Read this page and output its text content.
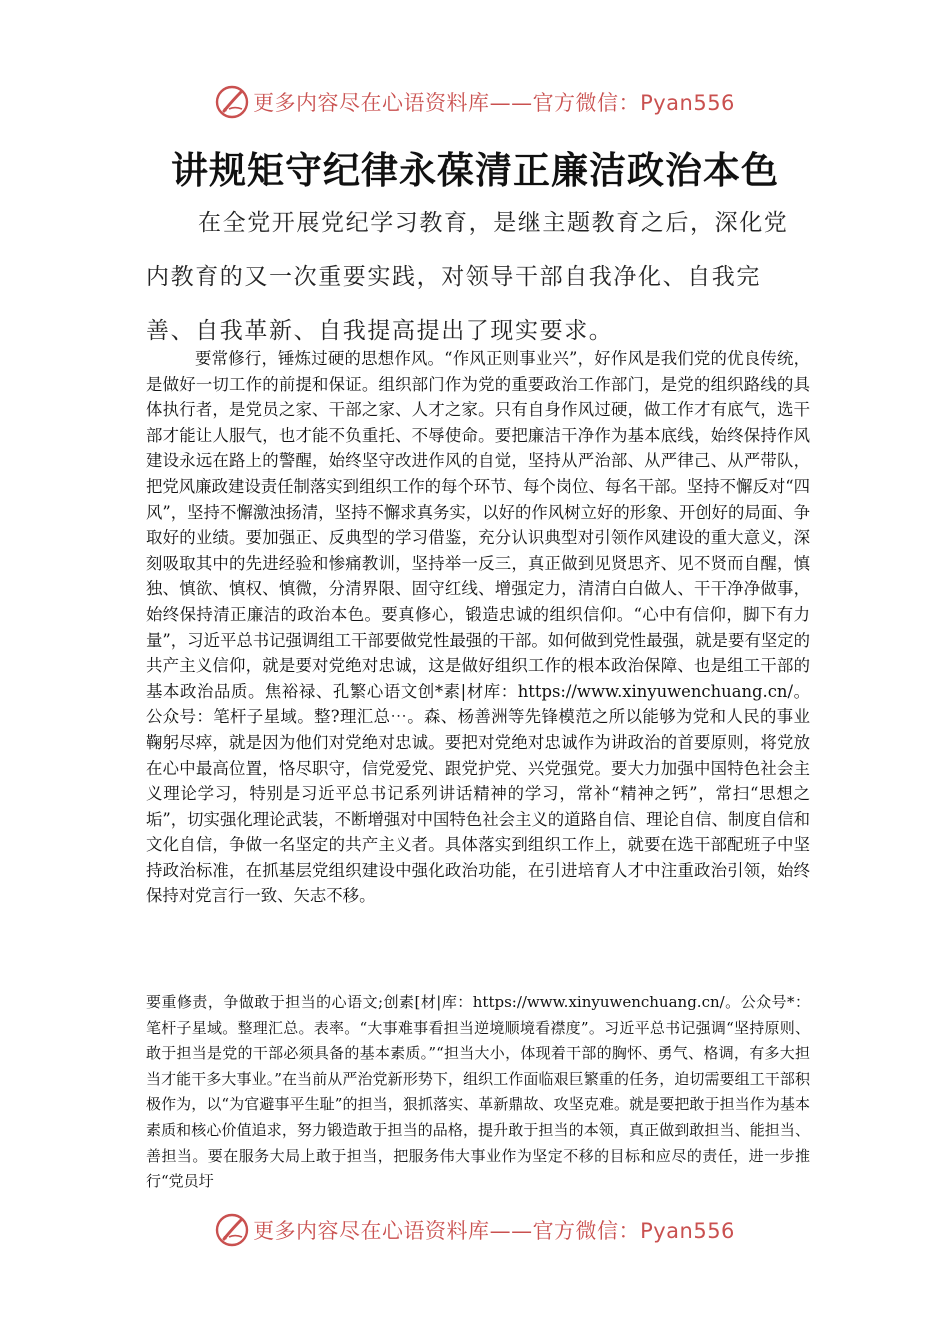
更多内容尽在心语资料库——官方微信：Pyan556
讲规矩守纪律永葆清正廉洁政治本色

在全党开展党纪学习教育，是继主题教育之后，深化党内教育的又一次重要实践，对领导干部自我净化、自我完善、自我革新、自我提高提出了现实要求。

要常修行，锤炼过硬的思想作风。“作风正则事业兴”，好作风是我们党的优良传统，是做好一切工作的前提和保证。组织部门作为党的重要政治工作部门，是党的组织路线的具体执行者，是党员之家、干部之家、人才之家。只有自身作风过硬，做工作才有底气，选干部才能让人服气，也才能不负重托、不辱使命。要把廉洁干净作为基本底线，始终保持作风建设永远在路上的警醒，始终坚守改进作风的自觉，坚持从严治部、从严律己、从严带队，把党风廉政建设责任制落实到组织工作的每个环节、每个岗位、每名干部。坚持不懈反对“四风”，坚持不懈激浊扬清，坚持不懈求真务实，以好的作风树立好的形象、开创好的局面、争取好的业绩。要加强正、反典型的学习借鉴，充分认识典型对引领作风建设的重大意义，深刻吸取其中的先进经验和惨痛教训，坚持举一反三，真正做到见贤思齐、见不贤而自醒，慎独、慎欲、慎权、慎微，分清界限、固守红线、增强定力，清清白白做人、干干净净做事，始终保持清正廉洁的政治本色。要真修心，锻造忠诚的组织信仰。“心中有信仰，脚下有力量”，习近平总书记强调组工干部要做党性最强的干部。如何做到党性最强，就是要有坚定的共产主义信仰，就是要对党绝对忠诚，这是做好组织工作的根本政治保障、也是组工干部的基本政治品质。焦裕禄、孔繁心语文创*素|材库：https://www.xinyuwenchuang.cn/。公众号：笔杆子星域。整?理汇总⋯。森、杨善洲等先锋模范之所以能够为党和人民的事业鞠躬尽瘁，就是因为他们对党绝对忠诚。要把对党绝对忠诚作为讲政治的首要原则，将党放在心中最高位置，恪尽职守，信党爱党、跟党护党、兴党强党。要大力加强中国特色社会主义理论学习，特别是习近平总书记系列讲话精神的学习，常补“精神之钙”，常扫“思想之垢”，切实强化理论武装，不断增强对中国特色社会主义的道路自信、理论自信、制度自信和文化自信，争做一名坚定的共产主义者。具体落实到组织工作上，就要在选干部配班子中坚持政治标准，在抓基层党组织建设中强化政治功能，在引进培育人才中注重政治引领，始终保持对党言行一致、矢志不移。

要重修责，争做敢于担当的心语文;创素[材|库：https://www.xinyuwenchuang.cn/。公众号*：笔杆子星域。整理汇总。表率。“大事难事看担当逆境顺境看襟度”。习近平总书记强调“坚持原则、敢于担当是党的干部必须具备的基本素质。”“担当大小，体现着干部的胸怀、勇气、格调，有多大担当才能干多大事业。”在当前从严治党新形势下，组织工作面临艰巨繁重的任务，迫切需要组工干部积极作为，以“为官避事平生耻”的担当，狠抓落实、革新鼎故、攻坚克难。就是要把敢于担当作为基本素质和核心价值追求，努力锻造敢于担当的品格，提升敢于担当的本领，真正做到敢担当、能担当、善担当。要在服务大局上敢于担当，把服务伟大事业作为坚定不移的目标和应尽的责任，进一步推行“党员圩

更多内容尽在心语资料库——官方微信：Pyan556
